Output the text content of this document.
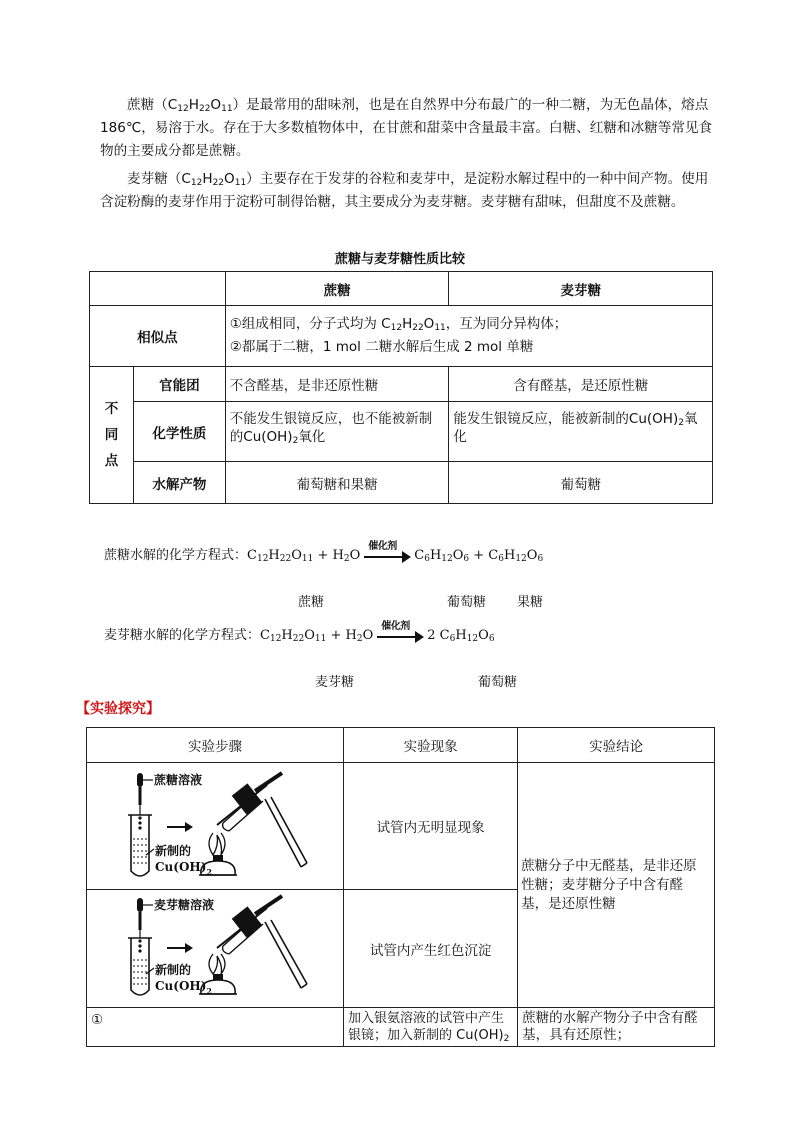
蔗糖$(C_{12}H_{22}O_{11})$是最常用的甜味剂，也是在自然界中分布最广的一种二糖，为无色晶体，熔点186℃，易溶于水。存在于大多数植物体中，在甘蔗和甜菜中含量最丰富。白糖、红糖和冰糖等常见食物的主要成分都是蔗糖。

麦芽糖$(C_{12}H_{22}O_{11})$主要存在于发芽的谷粒和麦芽中，是淀粉水解过程中的一种中间产物。使用含淀粉酶的麦芽作用于淀粉可制得饴糖，其主要成分为麦芽糖。麦芽糖有甜味，但甜度不及蔗糖。

蔗糖与麦芽糖性质比较
		蔗糖	麦芽糖
相似点		①组成相同，分子式均为 $C_{12}H_{22}O_{11}$，互为同分异构体；
②都属于二糖，1 mol 二糖水解后生成 2 mol 单糖	

不
同
点	官能团	不含醛基，是非还原性糖	含有醛基，是还原性糖
	化学性质	不能发生银镜反应，也不能被新制的$Cu(OH)_2$氧化	能发生银镜反应，能被新制的$Cu(OH)_2$氧化
	水解产物	葡萄糖和果糖	葡萄糖
蔗糖水解的化学方程式：$C_{12}H_{22}O_{11} + H_2O$
催化剂
$C_6H_{12}O_6 + C_6H_{12}O_6$
蔗糖	葡萄糖 果糖
麦芽糖水解的化学方程式：$C_{12}H_{22}O_{11} + H_2O$
催化剂
2 $C_6H_{12}O_6$
麦芽糖	葡萄糖
【实验探究】
实验步骤	实验现象	实验结论

蔗糖溶液
新制的
$Cu(OH)_2$	试管内无明显现象	蔗糖分子中无醛基，是非还原性糖；麦芽糖分子中含有醛基，是还原性糖

麦芽糖溶液
新制的
$Cu(OH)_2$	试管内产生红色沉淀	
①	加入银氨溶液的试管中产生银镜；加入新制的 $Cu(OH)_2$	蔗糖的水解产物分子中含有醛基，具有还原性；
